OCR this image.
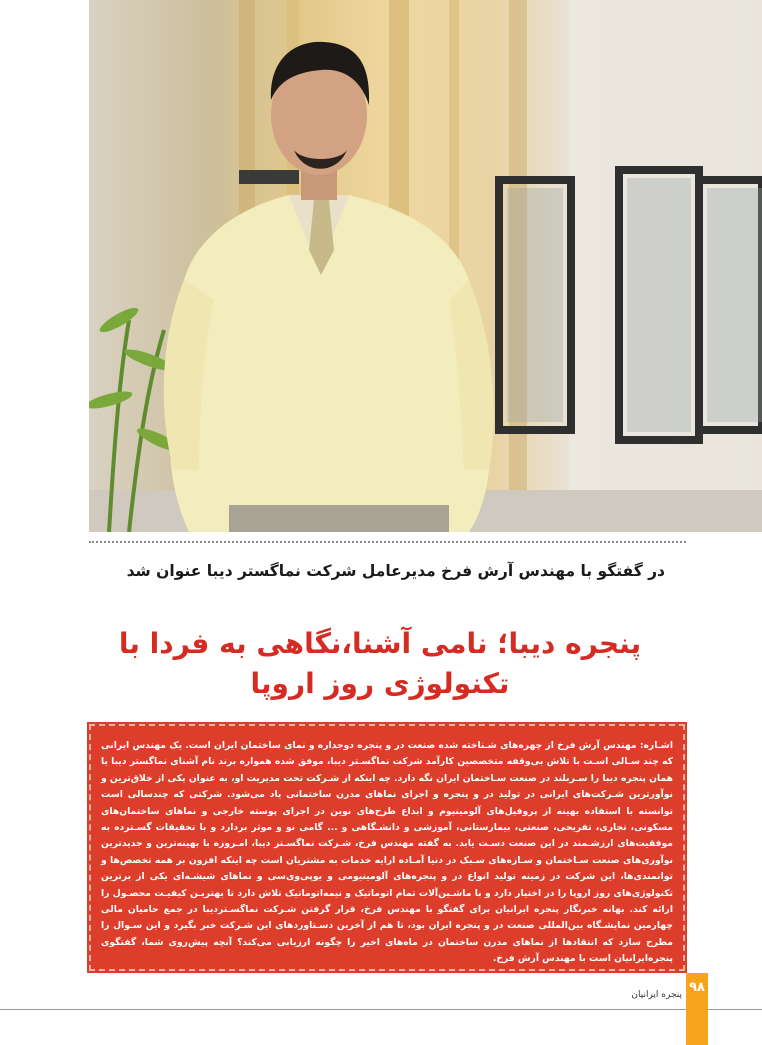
در گفتگو با مهندس آرش فرخ مدیرعامل شرکت نماگستر دیبا عنوان شد
پنجره دیبا؛ نامی آشنا،نگاهی به فردا با
تکنولوژی روز اروپا
اشـاره: مهندس آرش فرخ از چهره‌های شـناخته شده صنعت در و پنجره دوجداره و نمای ساختمان ایران است. یک مهندس ایرانی که چند سـالی اسـت با تلاش بی‌وقفه متخصصین کارآمد شرکت نماگسـتر دیبا، موفق شده همواره برند نام آشنای نماگستر دیبا یا همان پنجره دیبا را سـربلند در صنعت سـاختمان ایران نگه دارد. چه اینکه از شـرکت تحت مدیریت او، به عنوان یکی از خلاق‌ترین و نوآورترین شـرکت‌های ایرانی در تولید در و پنجره و اجرای نماهای مدرن ساختمانی یاد می‌شود. شرکتی که چندسالی است توانسته با استفاده بهینه از پروفیل‌های آلومینیوم و ابداع طرح‌های نوین در اجرای پوسته خارجی و نماهای ساختمان‌های مسکونی، تجاری، تفریحی، صنعتی، بیمارستانی، آموزشی و دانشـگاهی و ... گامی نو و موثر بردارد و با تحقیقات گسـترده به موفقیت‌های ارزشـمند در این صنعت دسـت یابد. به گفته مهندس فرخ، شـرکت نماگسـتر دیبا، امـروزه با بهینه‌ترین و جدیدترین نوآوری‌های صنعت سـاختمان و سـازه‌های سـبک در دنیا آمـاده ارایه خدمات به مشتریان است چه اینکه افزون بر همه تخصص‌ها و توانمندی‌ها، این شرکت در زمینه تولید انواع در و پنجره‌های آلومینیومی و یوپی‌وی‌سی و نماهای شیشـه‌ای یکی از برترین تکنولوژی‌های روز اروپا را در اختیار دارد و با ماشـین‌آلات تمام اتوماتیک و نیمه‌اتوماتیک تلاش دارد تا بهتریـن کیفیـت محصـول را ارائه کند. بهانه خبرنگار پنجره ایرانیان برای گفتگو با مهندس فرخ، قرار گرفتن شـرکت نماگسـتردیبا در جمع حامیان مالی چهارمین نمایشـگاه بین‌المللی صنعت در و پنجره ایران بود، تا هم از آخرین دسـتاوردهای این شـرکت خبر بگیرد و این سـوال را مطرح سازد که انتقادها از نماهای مدرن ساختمان در ماه‌های اخیر را چگونه ارزیابی می‌کند؟ آنچه پیش‌روی شما، گفتگوی پنجره‌ایرانیان است با مهندس آرش فرخ.
۹۸
پنجره ایرانیان
